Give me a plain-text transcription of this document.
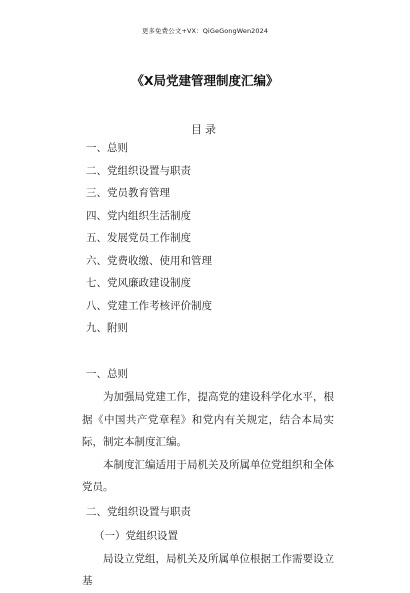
更多免费公文+VX：QiGeGongWen2024
《X局党建管理制度汇编》
目录
一、总则
二、党组织设置与职责
三、党员教育管理
四、党内组织生活制度
五、发展党员工作制度
六、党费收缴、使用和管理
七、党风廉政建设制度
八、党建工作考核评价制度
九、附则
一、总则

为加强局党建工作，提高党的建设科学化水平，根据《中国共产党章程》和党内有关规定，结合本局实际，制定本制度汇编。

本制度汇编适用于局机关及所属单位党组织和全体党员。

二、党组织设置与职责
（一）党组织设置

局设立党组，局机关及所属单位根据工作需要设立基
